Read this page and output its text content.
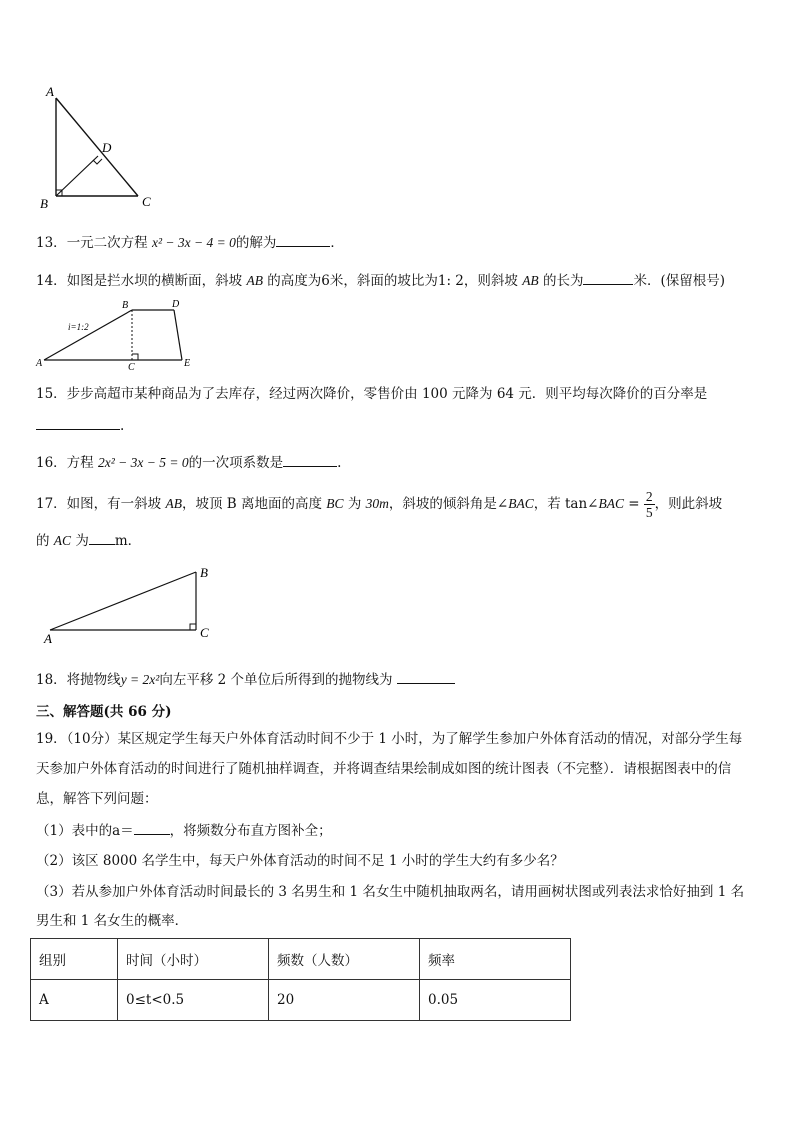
A
B	C
D
13．一元二次方程 x² − 3x − 4 = 0的解为	．
14．如图是拦水坝的横断面，斜坡 AB 的高度为6米，斜面的坡比为1: 2，则斜坡 AB 的长为	米．(保留根号)
A
B
C
D
E
i=1:2
15．步步高超市某种商品为了去库存，经过两次降价，零售价由 100 元降为 64 元．则平均每次降价的百分率是
.
16．方程 2x² − 3x − 5 = 0的一次项系数是	.
17．如图，有一斜坡 AB，坡顶 B 离地面的高度 BC 为 30m，斜坡的倾斜角是∠BAC，若 tan∠BAC = $\frac{2}{5}$ ，则此斜坡
的 AC 为 m．
A
B
C
18．将抛物线y = 2x²向左平移 2 个单位后所得到的抛物线为
三、解答题(共 66 分)
19．（10分）某区规定学生每天户外体育活动时间不少于 1 小时，为了解学生参加户外体育活动的情况，对部分学生每
天参加户外体育活动的时间进行了随机抽样调查，并将调查结果绘制成如图的统计图表（不完整）．请根据图表中的信
息，解答下列问题：
（1）表中的a＝	，将频数分布直方图补全；
（2）该区 8000 名学生中，每天户外体育活动的时间不足 1 小时的学生大约有多少名？
（3）若从参加户外体育活动时间最长的 3 名男生和 1 名女生中随机抽取两名，请用画树状图或列表法求恰好抽到 1 名
男生和 1 名女生的概率．
组别	时间（小时）	频数（人数）	频率
A	0≤t<0.5	20	0.05
